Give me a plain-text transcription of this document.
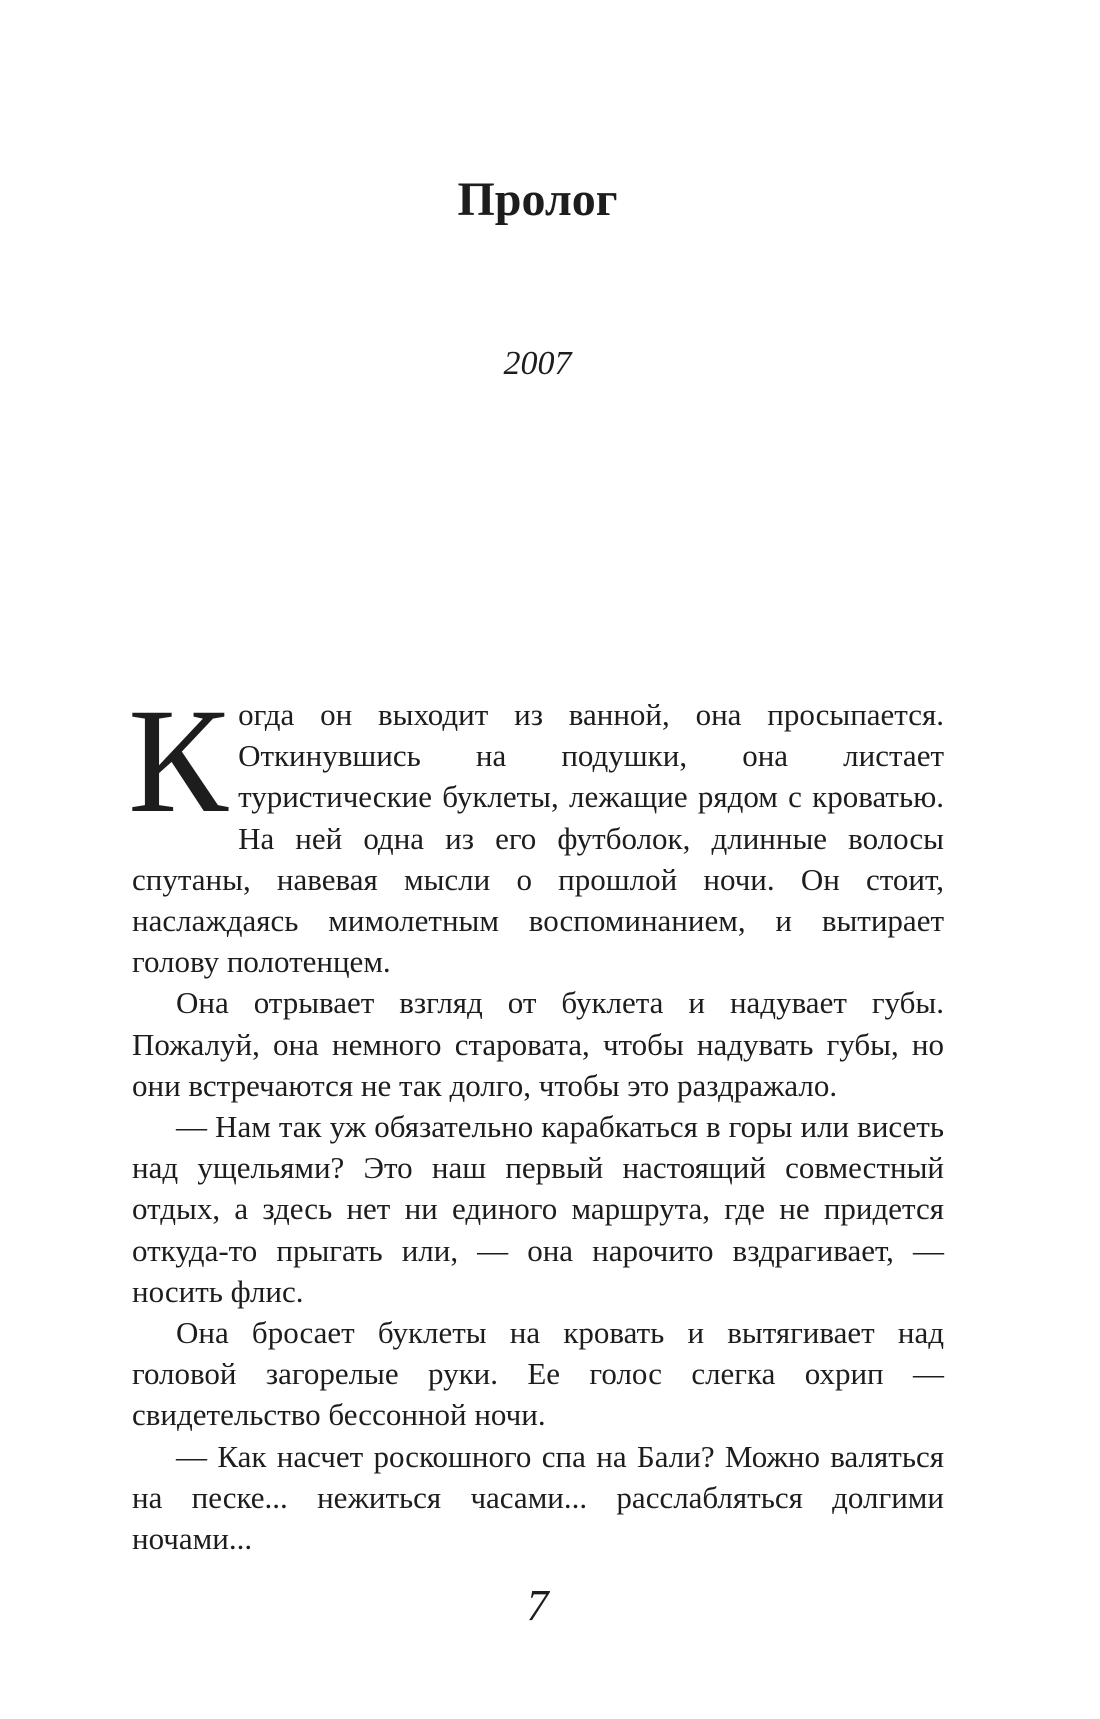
Пролог
2007

Когда он выходит из ванной, она просыпается. Откинувшись на подушки, она листает туристические буклеты, лежащие рядом с кроватью. На ней одна из его футболок, длинные волосы спутаны, навевая мысли о прошлой ночи. Он стоит, наслаждаясь мимолетным воспоминанием, и вытирает голову полотенцем.

Она отрывает взгляд от буклета и надувает губы. Пожалуй, она немного старовата, чтобы надувать губы, но они встречаются не так долго, чтобы это раздражало.

— Нам так уж обязательно карабкаться в горы или висеть над ущельями? Это наш первый настоящий совместный отдых, а здесь нет ни единого маршрута, где не придется откуда-то прыгать или, — она нарочито вздрагивает, — носить флис.

Она бросает буклеты на кровать и вытягивает над головой загорелые руки. Ее голос слегка охрип — свидетельство бессонной ночи.

— Как насчет роскошного спа на Бали? Можно валяться на песке... нежиться часами... расслабляться долгими ночами...

7
